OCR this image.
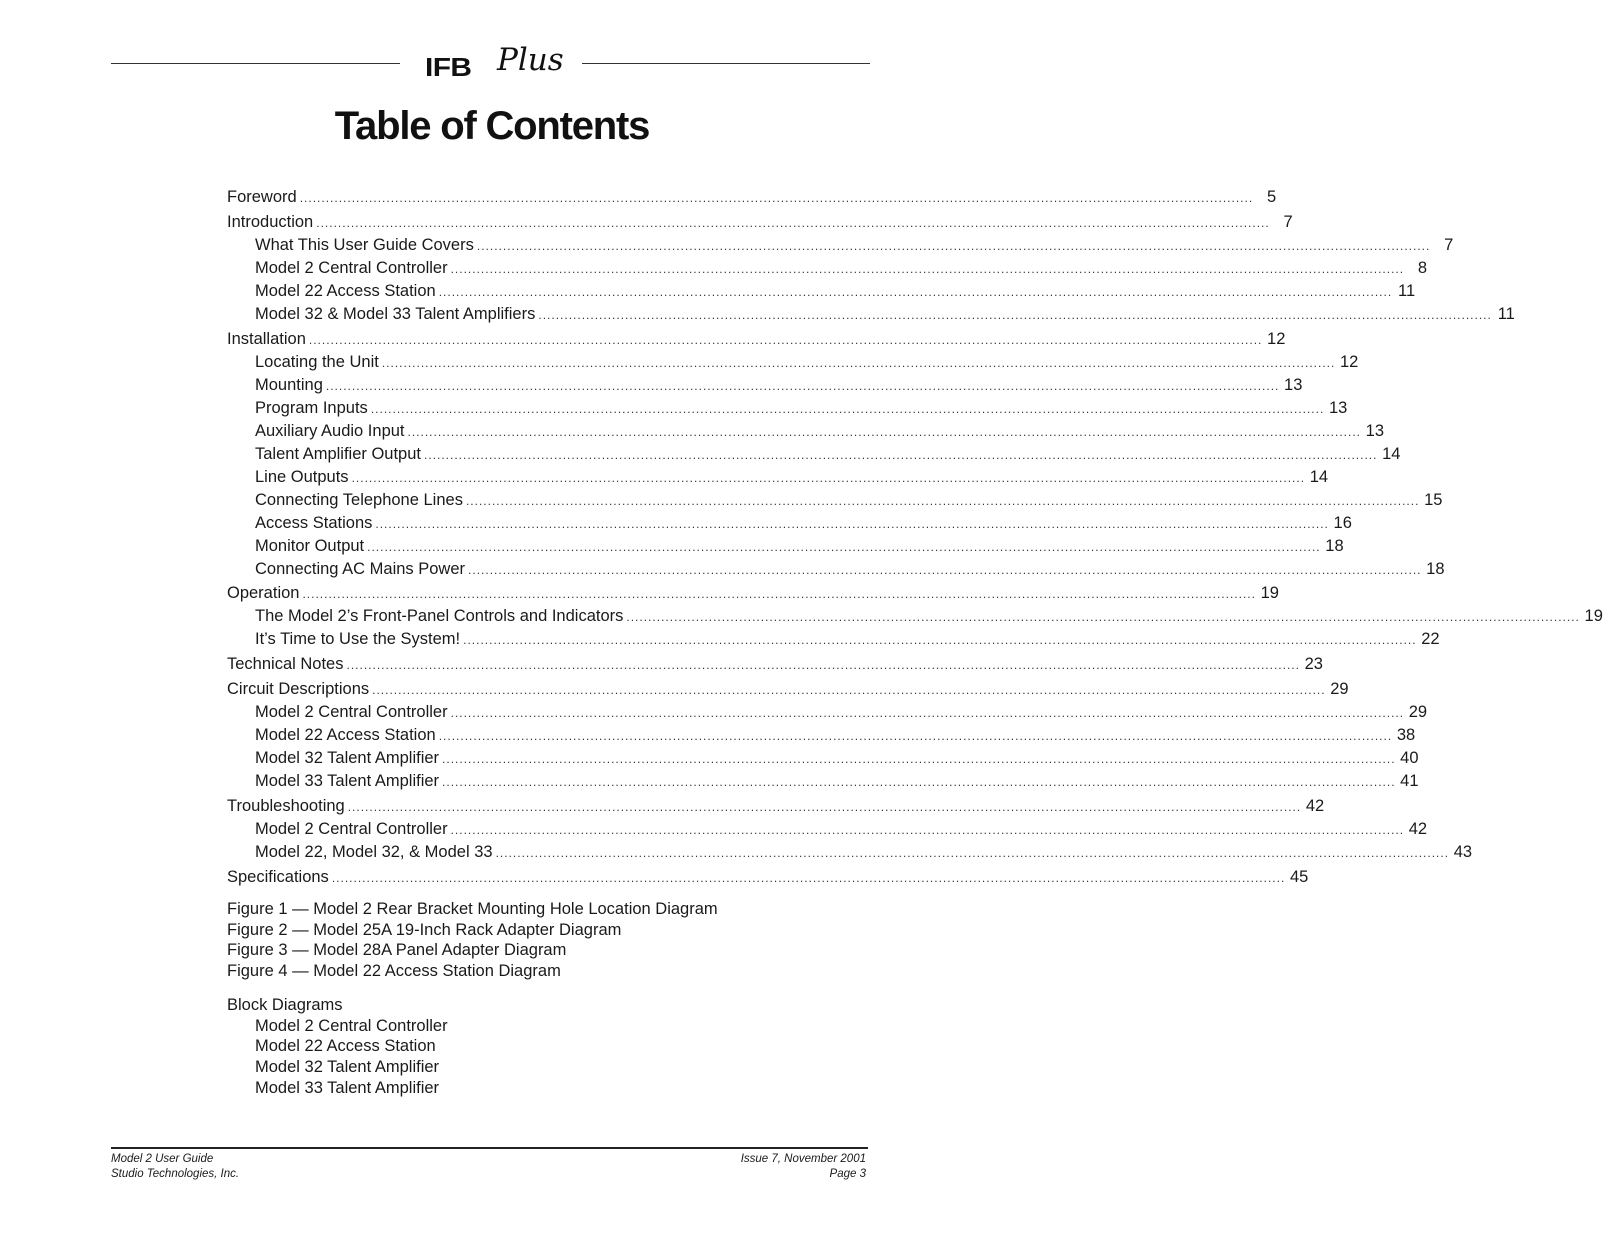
IFB Plus
Table of Contents
Foreword ............................................................................................................................................................................................................................ 5
Introduction ............................................................................................................................................................................................................................ 7
What This User Guide Covers ............................................................................................................................................................................................................................ 7
Model 2 Central Controller ............................................................................................................................................................................................................................ 8
Model 22 Access Station ............................................................................................................................................................................................................................ 11
Model 32 & Model 33 Talent Amplifiers ............................................................................................................................................................................................................................ 11
Installation ............................................................................................................................................................................................................................ 12
Locating the Unit ............................................................................................................................................................................................................................ 12
Mounting ............................................................................................................................................................................................................................ 13
Program Inputs ............................................................................................................................................................................................................................ 13
Auxiliary Audio Input ............................................................................................................................................................................................................................ 13
Talent Amplifier Output ............................................................................................................................................................................................................................ 14
Line Outputs ............................................................................................................................................................................................................................ 14
Connecting Telephone Lines ............................................................................................................................................................................................................................ 15
Access Stations ............................................................................................................................................................................................................................ 16
Monitor Output ............................................................................................................................................................................................................................ 18
Connecting AC Mains Power ............................................................................................................................................................................................................................ 18
Operation ............................................................................................................................................................................................................................ 19
The Model 2’s Front-Panel Controls and Indicators ............................................................................................................................................................................................................................ 19
It’s Time to Use the System! ............................................................................................................................................................................................................................ 22
Technical Notes ............................................................................................................................................................................................................................ 23
Circuit Descriptions ............................................................................................................................................................................................................................ 29
Model 2 Central Controller ............................................................................................................................................................................................................................ 29
Model 22 Access Station ............................................................................................................................................................................................................................ 38
Model 32 Talent Amplifier ............................................................................................................................................................................................................................ 40
Model 33 Talent Amplifier ............................................................................................................................................................................................................................ 41
Troubleshooting ............................................................................................................................................................................................................................ 42
Model 2 Central Controller ............................................................................................................................................................................................................................ 42
Model 22, Model 32, & Model 33 ............................................................................................................................................................................................................................ 43
Specifications ............................................................................................................................................................................................................................ 45
Figure 1 — Model 2 Rear Bracket Mounting Hole Location Diagram
Figure 2 — Model 25A 19-Inch Rack Adapter Diagram
Figure 3 — Model 28A Panel Adapter Diagram
Figure 4 — Model 22 Access Station Diagram
Block Diagrams
Model 2 Central Controller
Model 22 Access Station
Model 32 Talent Amplifier
Model 33 Talent Amplifier
Model 2 User Guide
Studio Technologies, Inc.
Issue 7, November 2001
Page 3
